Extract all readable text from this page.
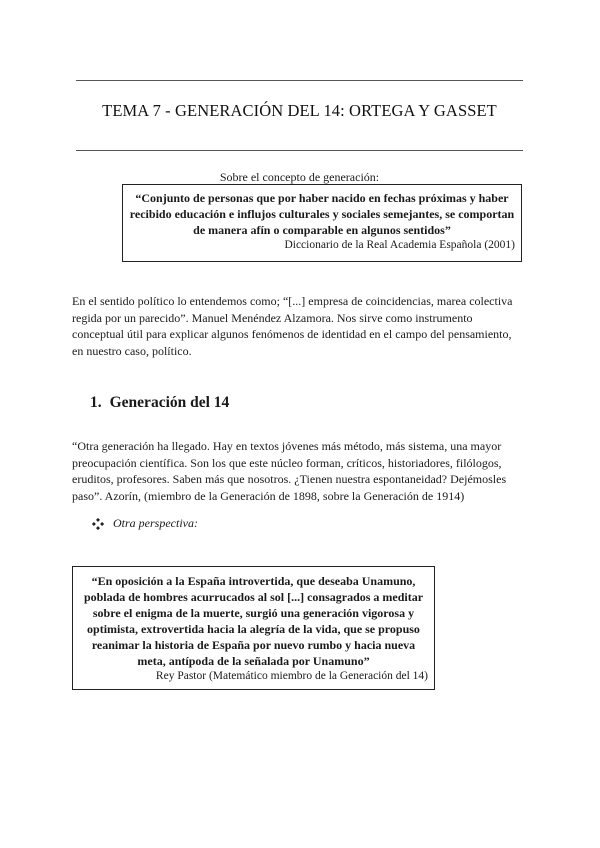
TEMA 7 - GENERACIÓN DEL 14: ORTEGA Y GASSET
Sobre el concepto de generación:

“Conjunto de personas que por haber nacido en fechas próximas y haber recibido educación e influjos culturales y sociales semejantes, se comportan de manera afín o comparable en algunos sentidos”

Diccionario de la Real Academia Española (2001)

En el sentido político lo entendemos como; “[...] empresa de coincidencias, marea colectiva regida por un parecido”. Manuel Menéndez Alzamora. Nos sirve como instrumento conceptual útil para explicar algunos fenómenos de identidad en el campo del pensamiento, en nuestro caso, político.

1. Generación del 14

“Otra generación ha llegado. Hay en textos jóvenes más método, más sistema, una mayor preocupación científica. Son los que este núcleo forman, críticos, historiadores, filólogos, eruditos, profesores. Saben más que nosotros. ¿Tienen nuestra espontaneidad? Dejémosles paso”. Azorín, (miembro de la Generación de 1898, sobre la Generación de 1914)

Otra perspectiva:

“En oposición a la España introvertida, que deseaba Unamuno, poblada de hombres acurrucados al sol [...] consagrados a meditar sobre el enigma de la muerte, surgió una generación vigorosa y optimista, extrovertida hacia la alegría de la vida, que se propuso reanimar la historia de España por nuevo rumbo y hacia nueva meta, antípoda de la señalada por Unamuno”

Rey Pastor (Matemático miembro de la Generación del 14)
